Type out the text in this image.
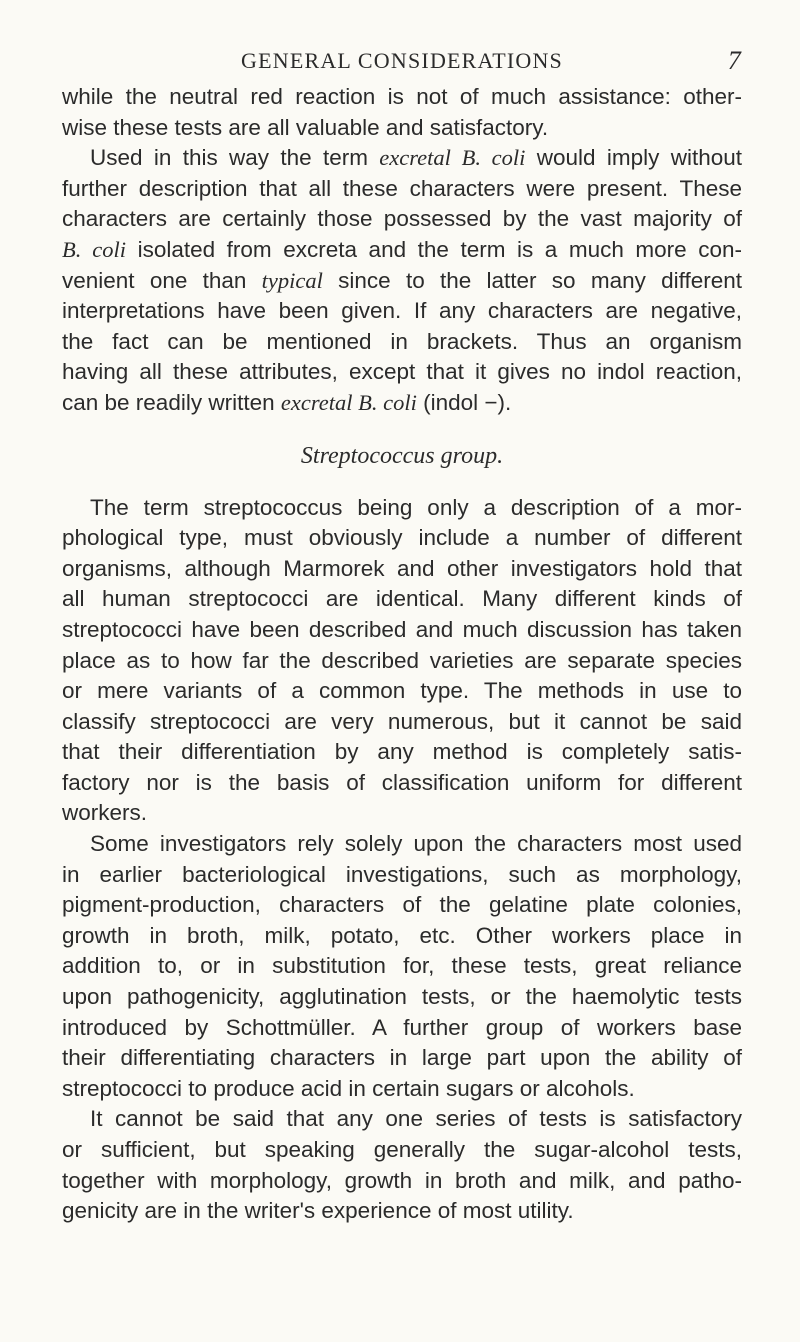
GENERAL CONSIDERATIONS	7
while the neutral red reaction is not of much assistance: other-
wise these tests are all valuable and satisfactory.
Used in this way the term excretal B. coli would imply without
further description that all these characters were present. These
characters are certainly those possessed by the vast majority of
B. coli isolated from excreta and the term is a much more con-
venient one than typical since to the latter so many different
interpretations have been given. If any characters are negative,
the fact can be mentioned in brackets. Thus an organism
having all these attributes, except that it gives no indol reaction,
can be readily written excretal B. coli (indol −).
Streptococcus group.
The term streptococcus being only a description of a mor-
phological type, must obviously include a number of different
organisms, although Marmorek and other investigators hold that
all human streptococci are identical. Many different kinds of
streptococci have been described and much discussion has taken
place as to how far the described varieties are separate species
or mere variants of a common type. The methods in use to
classify streptococci are very numerous, but it cannot be said
that their differentiation by any method is completely satis-
factory nor is the basis of classification uniform for different
workers.
Some investigators rely solely upon the characters most used
in earlier bacteriological investigations, such as morphology,
pigment-production, characters of the gelatine plate colonies,
growth in broth, milk, potato, etc. Other workers place in
addition to, or in substitution for, these tests, great reliance
upon pathogenicity, agglutination tests, or the haemolytic tests
introduced by Schottmüller. A further group of workers base
their differentiating characters in large part upon the ability of
streptococci to produce acid in certain sugars or alcohols.
It cannot be said that any one series of tests is satisfactory
or sufficient, but speaking generally the sugar-alcohol tests,
together with morphology, growth in broth and milk, and patho-
genicity are in the writer's experience of most utility.
